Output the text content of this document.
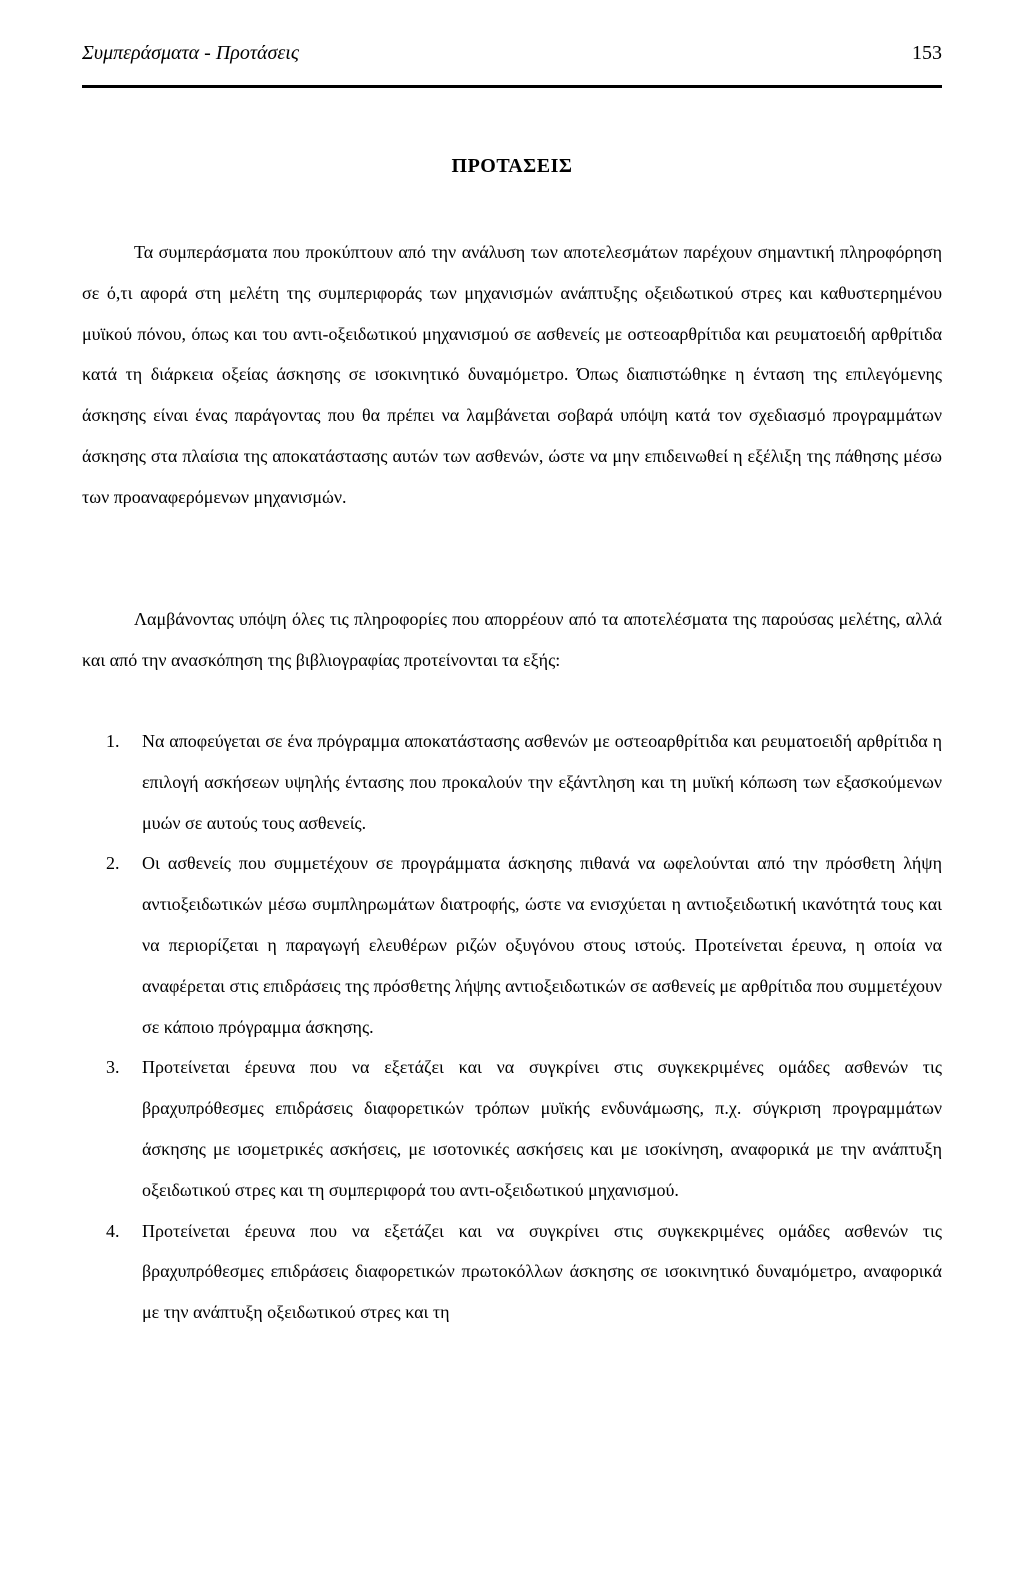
Συμπεράσματα - Προτάσεις	153
ΠΡΟΤΑΣΕΙΣ

Τα συμπεράσματα που προκύπτουν από την ανάλυση των αποτελεσμάτων παρέχουν σημαντική πληροφόρηση σε ό,τι αφορά στη μελέτη της συμπεριφοράς των μηχανισμών ανάπτυξης οξειδωτικού στρες και καθυστερημένου μυϊκού πόνου, όπως και του αντι-οξειδωτικού μηχανισμού σε ασθενείς με οστεοαρθρίτιδα και ρευματοειδή αρθρίτιδα κατά τη διάρκεια οξείας άσκησης σε ισοκινητικό δυναμόμετρο. Όπως διαπιστώθηκε η ένταση της επιλεγόμενης άσκησης είναι ένας παράγοντας που θα πρέπει να λαμβάνεται σοβαρά υπόψη κατά τον σχεδιασμό προγραμμάτων άσκησης στα πλαίσια της αποκατάστασης αυτών των ασθενών, ώστε να μην επιδεινωθεί η εξέλιξη της πάθησης μέσω των προαναφερόμενων μηχανισμών.

Λαμβάνοντας υπόψη όλες τις πληροφορίες που απορρέουν από τα αποτελέσματα της παρούσας μελέτης, αλλά και από την ανασκόπηση της βιβλιογραφίας προτείνονται τα εξής:

1. Να αποφεύγεται σε ένα πρόγραμμα αποκατάστασης ασθενών με οστεοαρθρίτιδα και ρευματοειδή αρθρίτιδα η επιλογή ασκήσεων υψηλής έντασης που προκαλούν την εξάντληση και τη μυϊκή κόπωση των εξασκούμενων μυών σε αυτούς τους ασθενείς.
2. Οι ασθενείς που συμμετέχουν σε προγράμματα άσκησης πιθανά να ωφελούνται από την πρόσθετη λήψη αντιοξειδωτικών μέσω συμπληρωμάτων διατροφής, ώστε να ενισχύεται η αντιοξειδωτική ικανότητά τους και να περιορίζεται η παραγωγή ελευθέρων ριζών οξυγόνου στους ιστούς. Προτείνεται έρευνα, η οποία να αναφέρεται στις επιδράσεις της πρόσθετης λήψης αντιοξειδωτικών σε ασθενείς με αρθρίτιδα που συμμετέχουν σε κάποιο πρόγραμμα άσκησης.
3. Προτείνεται έρευνα που να εξετάζει και να συγκρίνει στις συγκεκριμένες ομάδες ασθενών τις βραχυπρόθεσμες επιδράσεις διαφορετικών τρόπων μυϊκής ενδυνάμωσης, π.χ. σύγκριση προγραμμάτων άσκησης με ισομετρικές ασκήσεις, με ισοτονικές ασκήσεις και με ισοκίνηση, αναφορικά με την ανάπτυξη οξειδωτικού στρες και τη συμπεριφορά του αντι-οξειδωτικού μηχανισμού.
4. Προτείνεται έρευνα που να εξετάζει και να συγκρίνει στις συγκεκριμένες ομάδες ασθενών τις βραχυπρόθεσμες επιδράσεις διαφορετικών πρωτοκόλλων άσκησης σε ισοκινητικό δυναμόμετρο, αναφορικά με την ανάπτυξη οξειδωτικού στρες και τη
